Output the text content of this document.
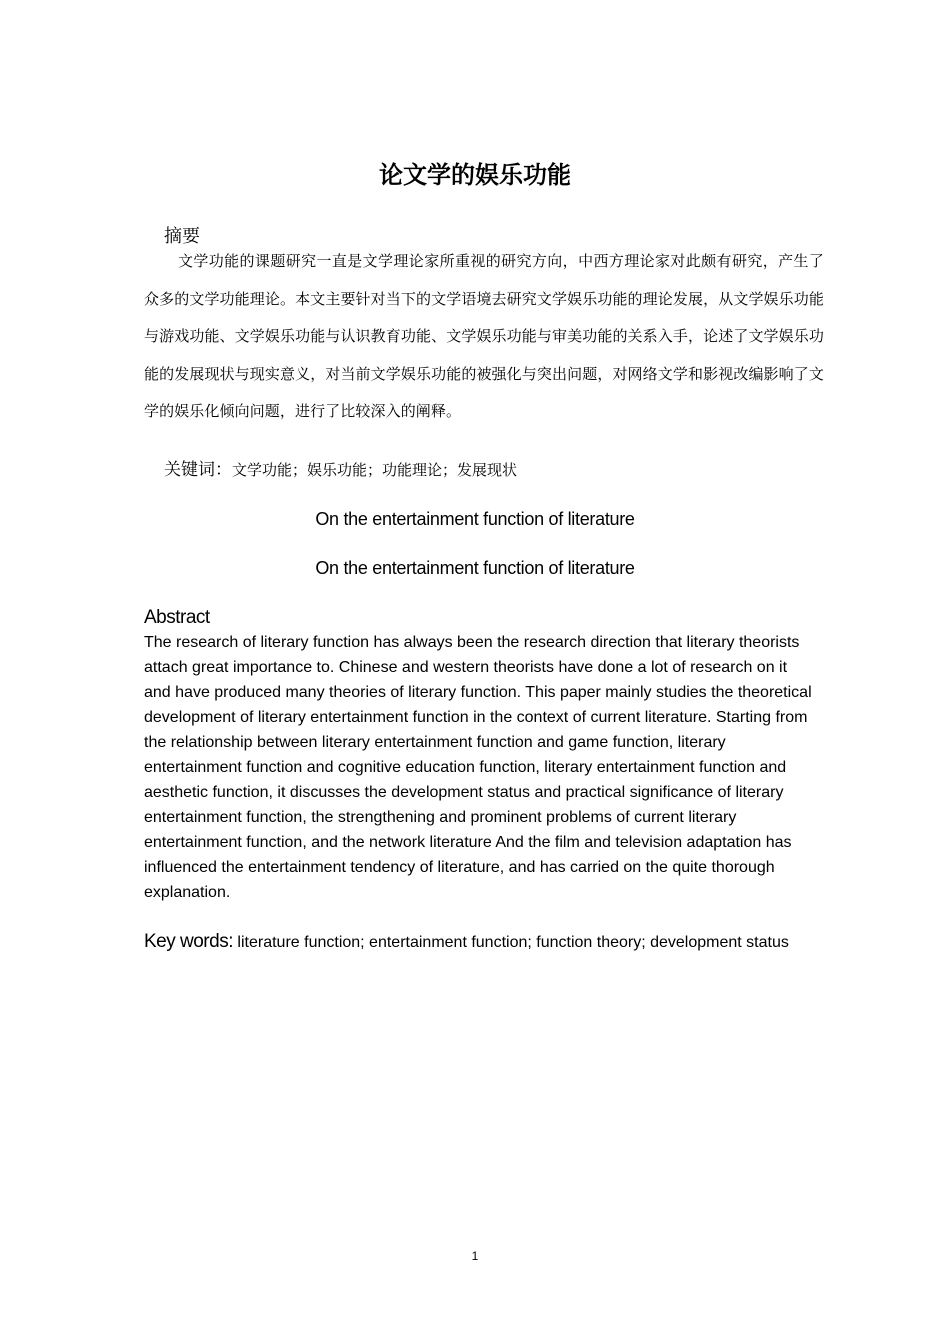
论文学的娱乐功能
摘要

文学功能的课题研究一直是文学理论家所重视的研究方向，中西方理论家对此颇有研究，产生了众多的文学功能理论。本文主要针对当下的文学语境去研究文学娱乐功能的理论发展，从文学娱乐功能与游戏功能、文学娱乐功能与认识教育功能、文学娱乐功能与审美功能的关系入手，论述了文学娱乐功能的发展现状与现实意义，对当前文学娱乐功能的被强化与突出问题，对网络文学和影视改编影响了文学的娱乐化倾向问题，进行了比较深入的阐释。

关键词：文学功能；娱乐功能；功能理论；发展现状

On the entertainment function of literature
On the entertainment function of literature
Abstract

The research of literary function has always been the research direction that literary theorists attach great importance to. Chinese and western theorists have done a lot of research on it and have produced many theories of literary function. This paper mainly studies the theoretical development of literary entertainment function in the context of current literature. Starting from the relationship between literary entertainment function and game function, literary entertainment function and cognitive education function, literary entertainment function and aesthetic function, it discusses the development status and practical significance of literary entertainment function, the strengthening and prominent problems of current literary entertainment function, and the network literature And the film and television adaptation has influenced the entertainment tendency of literature, and has carried on the quite thorough explanation.

Key words: literature function; entertainment function; function theory; development status

1
